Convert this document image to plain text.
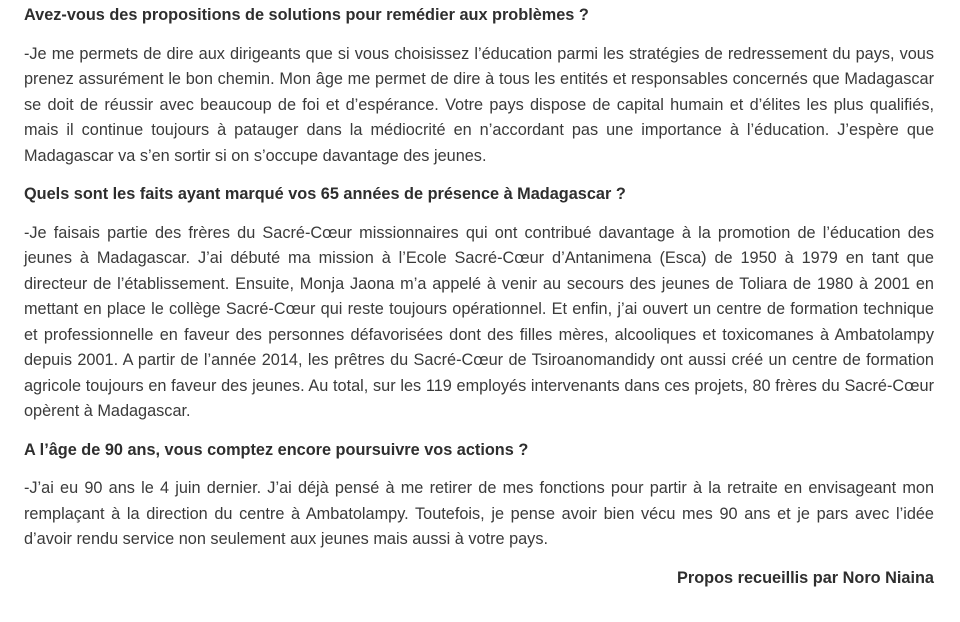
Avez-vous des propositions de solutions pour remédier aux problèmes ?

-Je me permets de dire aux dirigeants que si vous choisissez l’éducation parmi les stratégies de redressement du pays, vous prenez assurément le bon chemin. Mon âge me permet de dire à tous les entités et responsables concernés que Madagascar se doit de réussir avec beaucoup de foi et d’espérance. Votre pays dispose de capital humain et d’élites les plus qualifiés, mais il continue toujours à patauger dans la médiocrité en n’accordant pas une importance à l’éducation. J’espère que Madagascar va s’en sortir si on s’occupe davantage des jeunes.

Quels sont les faits ayant marqué vos 65 années de présence à Madagascar ?

-Je faisais partie des frères du Sacré-Cœur missionnaires qui ont contribué davantage à la promotion de l’éducation des jeunes à Madagascar. J’ai débuté ma mission à l’Ecole Sacré-Cœur d’Antanimena (Esca) de 1950 à 1979 en tant que directeur de l’établissement. Ensuite, Monja Jaona m’a appelé à venir au secours des jeunes de Toliara de 1980 à 2001 en mettant en place le collège Sacré-Cœur qui reste toujours opérationnel. Et enfin, j’ai ouvert un centre de formation technique et professionnelle en faveur des personnes défavorisées dont des filles mères, alcooliques et toxicomanes à Ambatolampy depuis 2001. A partir de l’année 2014, les prêtres du Sacré-Cœur de Tsiroanomandidy ont aussi créé un centre de formation agricole toujours en faveur des jeunes. Au total, sur les 119 employés intervenants dans ces projets, 80 frères du Sacré-Cœur opèrent à Madagascar.

A l’âge de 90 ans, vous comptez encore poursuivre vos actions ?

-J’ai eu 90 ans le 4 juin dernier. J’ai déjà pensé à me retirer de mes fonctions pour partir à la retraite en envisageant mon remplaçant à la direction du centre à Ambatolampy. Toutefois, je pense avoir bien vécu mes 90 ans et je pars avec l’idée d’avoir rendu service non seulement aux jeunes mais aussi à votre pays.

Propos recueillis par Noro Niaina
